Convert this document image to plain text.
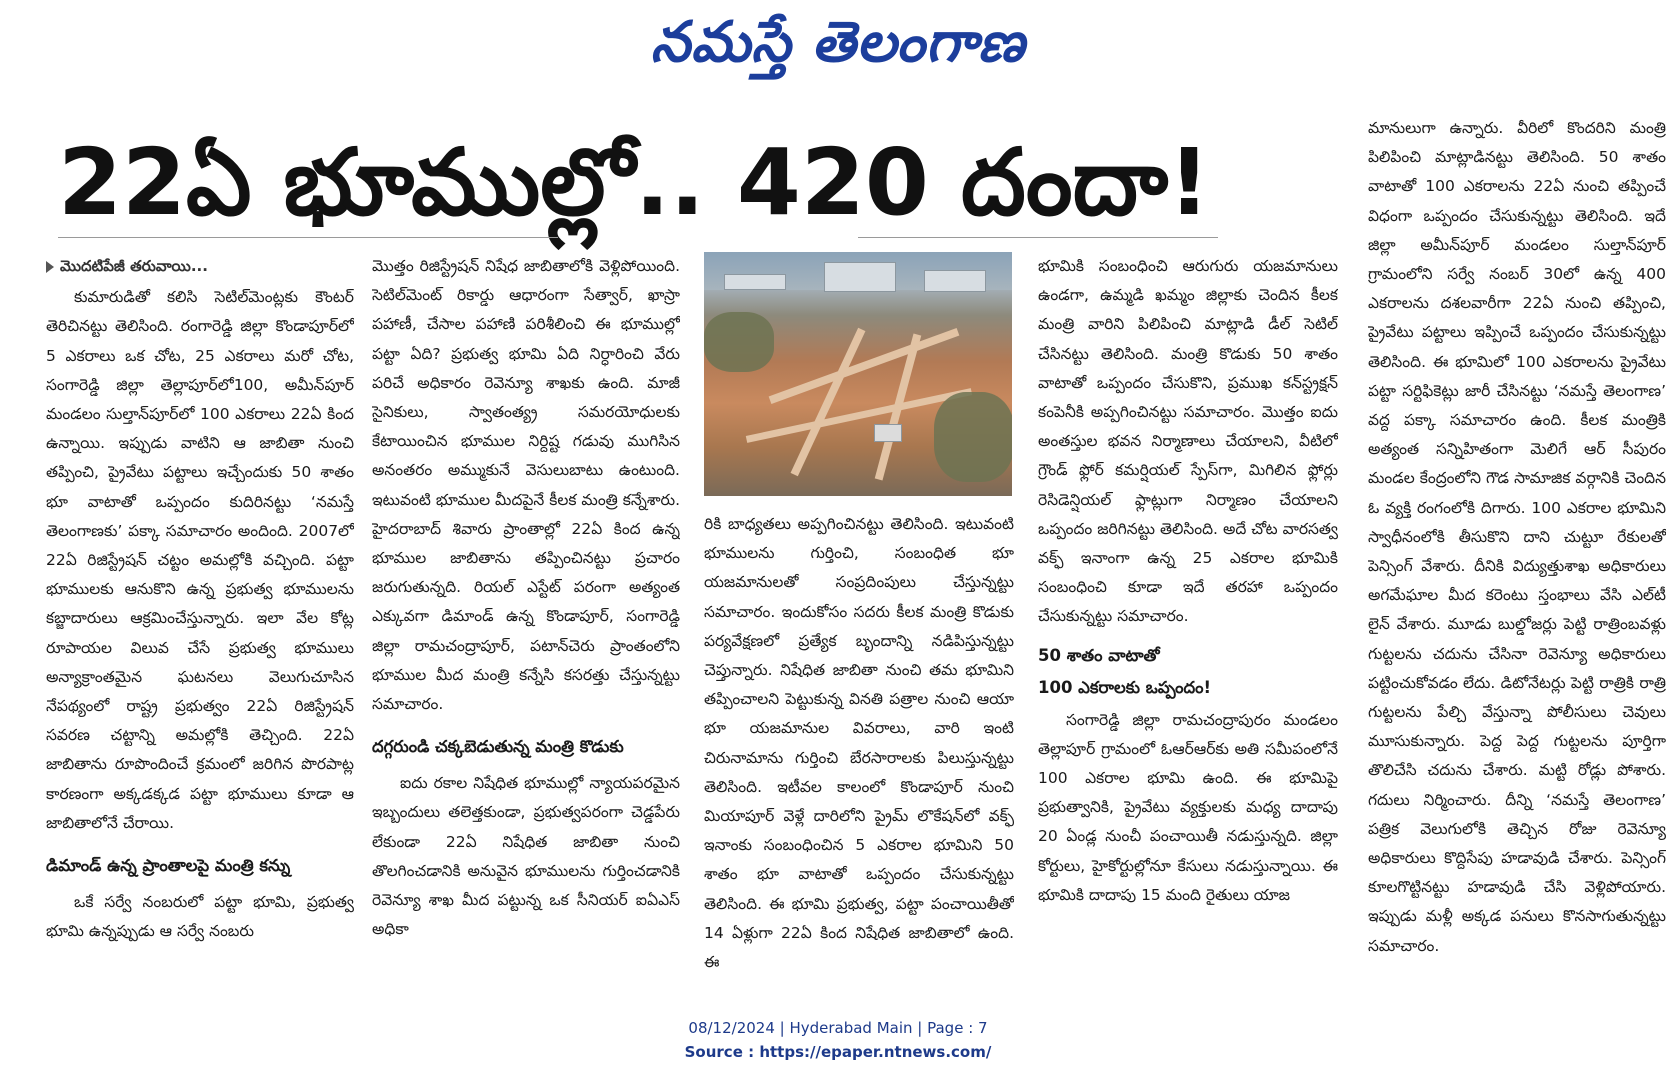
నమస్తే తెలంగాణ
22ఏ భూముల్లో.. 420 దందా!
మొదటిపేజీ తరువాయి...

కుమారుడితో కలిసి సెటిల్‌మెంట్లకు కౌంటర్ తెరిచినట్టు తెలిసింది. రంగారెడ్డి జిల్లా కొండాపూర్‌లో 5 ఎకరాలు ఒక చోట, 25 ఎకరాలు మరో చోట, సంగారెడ్డి జిల్లా తెల్లాపూర్‌లో100, అమీన్‌పూర్ మండలం సుల్తాన్‌పూర్‌లో 100 ఎకరాలు 22ఏ కింద ఉన్నాయి. ఇప్పుడు వాటిని ఆ జాబితా నుంచి తప్పించి, ప్రైవేటు పట్టాలు ఇచ్చేందుకు 50 శాతం భూ వాటాతో ఒప్పందం కుదిరినట్టు ‘నమస్తే తెలంగాణకు’ పక్కా సమాచారం అందింది. 2007లో 22ఏ రిజిస్ట్రేషన్ చట్టం అమల్లోకి వచ్చింది. పట్టా భూములకు ఆనుకొని ఉన్న ప్రభుత్వ భూములను కబ్జాదారులు ఆక్రమించేస్తున్నారు. ఇలా వేల కోట్ల రూపాయల విలువ చేసే ప్రభుత్వ భూములు అన్యాక్రాంతమైన ఘటనలు వెలుగుచూసిన నేపథ్యంలో రాష్ట్ర ప్రభుత్వం 22ఏ రిజిస్ట్రేషన్ సవరణ చట్టాన్ని అమల్లోకి తెచ్చింది. 22ఏ జాబితాను రూపొందించే క్రమంలో జరిగిన పొరపాట్ల కారణంగా అక్కడక్కడ పట్టా భూములు కూడా ఆ జాబితాలోనే చేరాయి.

డిమాండ్ ఉన్న ప్రాంతాలపై మంత్రి కన్ను

ఒకే సర్వే నంబరులో పట్టా భూమి, ప్రభుత్వ భూమి ఉన్నప్పుడు ఆ సర్వే నంబరు

మొత్తం రిజిస్ట్రేషన్ నిషేధ జాబితాలోకి వెళ్లిపోయింది. సెటిల్‌మెంట్ రికార్డు ఆధారంగా సేత్వార్, ఖాస్రా పహాణీ, చేసాల పహాణి పరిశీలించి ఈ భూముల్లో పట్టా ఏది? ప్రభుత్వ భూమి ఏది నిర్ధారించి వేరు పరిచే అధికారం రెవెన్యూ శాఖకు ఉంది. మాజీ సైనికులు, స్వాతంత్య్ర సమరయోధులకు కేటాయించిన భూముల నిర్దిష్ట గడువు ముగిసిన అనంతరం అమ్ముకునే వెసులుబాటు ఉంటుంది. ఇటువంటి భూముల మీదపైనే కీలక మంత్రి కన్నేశారు. హైదరాబాద్ శివారు ప్రాంతాల్లో 22ఏ కింద ఉన్న భూముల జాబితాను తప్పించినట్టు ప్రచారం జరుగుతున్నది. రియల్ ఎస్టేట్ పరంగా అత్యంత ఎక్కువగా డిమాండ్ ఉన్న కొండాపూర్, సంగారెడ్డి జిల్లా రామచంద్రాపూర్, పటాన్‌చెరు ప్రాంతంలోని భూముల మీద మంత్రి కన్నేసి కసరత్తు చేస్తున్నట్టు సమాచారం.

దగ్గరుండి చక్కబెడుతున్న మంత్రి కొడుకు

ఐదు రకాల నిషేధిత భూముల్లో న్యాయపరమైన ఇబ్బందులు తలెత్తకుండా, ప్రభుత్వపరంగా చెడ్డపేరు లేకుండా 22ఏ నిషేధిత జాబితా నుంచి తొలగించడానికి అనువైన భూములను గుర్తించడానికి రెవెన్యూ శాఖ మీద పట్టున్న ఒక సీనియర్ ఐఏఎస్ అధికా

రికి బాధ్యతలు అప్పగించినట్టు తెలిసింది. ఇటువంటి భూములను గుర్తించి, సంబంధిత భూ యజమానులతో సంప్రదింపులు చేస్తున్నట్టు సమాచారం. ఇందుకోసం సదరు కీలక మంత్రి కొడుకు పర్యవేక్షణలో ప్రత్యేక బృందాన్ని నడిపిస్తున్నట్టు చెప్తున్నారు. నిషేధిత జాబితా నుంచి తమ భూమిని తప్పించాలని పెట్టుకున్న వినతి పత్రాల నుంచి ఆయా భూ యజమానుల వివరాలు, వారి ఇంటి చిరునామాను గుర్తించి బేరసారాలకు పిలుస్తున్నట్టు తెలిసింది. ఇటీవల కాలంలో కొండాపూర్ నుంచి మియాపూర్ వెళ్లే దారిలోని ప్రైమ్ లొకేషన్‌లో వక్ఫ్ ఇనాంకు సంబంధించిన 5 ఎకరాల భూమిని 50 శాతం భూ వాటాతో ఒప్పందం చేసుకున్నట్టు తెలిసింది. ఈ భూమి ప్రభుత్వ, పట్టా పంచాయితీతో 14 ఏళ్లుగా 22ఏ కింద నిషేధిత జాబితాలో ఉంది. ఈ

భూమికి సంబంధించి ఆరుగురు యజమానులు ఉండగా, ఉమ్మడి ఖమ్మం జిల్లాకు చెందిన కీలక మంత్రి వారిని పిలిపించి మాట్లాడి డీల్ సెటిల్ చేసినట్టు తెలిసింది. మంత్రి కొడుకు 50 శాతం వాటాతో ఒప్పందం చేసుకొని, ప్రముఖ కన్‌స్ట్రక్షన్ కంపెనీకి అప్పగించినట్టు సమాచారం. మొత్తం ఐదు అంతస్తుల భవన నిర్మాణాలు చేయాలని, వీటిలో గ్రౌండ్ ఫ్లోర్ కమర్షియల్ స్పేస్‌గా, మిగిలిన ఫ్లోర్లు రెసిడెన్షియల్ ఫ్లాట్లుగా నిర్మాణం చేయాలని ఒప్పందం జరిగినట్టు తెలిసింది. అదే చోట వారసత్వ వక్ఫ్ ఇనాంగా ఉన్న 25 ఎకరాల భూమికి సంబంధించి కూడా ఇదే తరహా ఒప్పందం చేసుకున్నట్టు సమాచారం.

50 శాతం వాటాతో
100 ఎకరాలకు ఒప్పందం!

సంగారెడ్డి జిల్లా రామచంద్రాపురం మండలం తెల్లాపూర్ గ్రామంలో ఓఆర్‌ఆర్‌కు అతి సమీపంలోనే 100 ఎకరాల భూమి ఉంది. ఈ భూమిపై ప్రభుత్వానికి, ప్రైవేటు వ్యక్తులకు మధ్య దాదాపు 20 ఏండ్ల నుంచీ పంచాయితీ నడుస్తున్నది. జిల్లా కోర్టులు, హైకోర్టుల్లోనూ కేసులు నడుస్తున్నాయి. ఈ భూమికి దాదాపు 15 మంది రైతులు యాజ

మానులుగా ఉన్నారు. వీరిలో కొందరిని మంత్రి పిలిపించి మాట్లాడినట్టు తెలిసింది. 50 శాతం వాటాతో 100 ఎకరాలను 22ఏ నుంచి తప్పించే విధంగా ఒప్పందం చేసుకున్నట్టు తెలిసింది. ఇదే జిల్లా అమీన్‌పూర్ మండలం సుల్తాన్‌పూర్ గ్రామంలోని సర్వే నంబర్ 30లో ఉన్న 400 ఎకరాలను దశలవారీగా 22ఏ నుంచి తప్పించి, ప్రైవేటు పట్టాలు ఇప్పించే ఒప్పందం చేసుకున్నట్టు తెలిసింది. ఈ భూమిలో 100 ఎకరాలను ప్రైవేటు పట్టా సర్టిఫికెట్లు జారీ చేసినట్టు ‘నమస్తే తెలంగాణ’ వద్ద పక్కా సమాచారం ఉంది. కీలక మంత్రికి అత్యంత సన్నిహితంగా మెలిగే ఆర్ సీపురం మండల కేంద్రంలోని గౌడ సామాజిక వర్గానికి చెందిన ఓ వ్యక్తి రంగంలోకి దిగారు. 100 ఎకరాల భూమిని స్వాధీనంలోకి తీసుకొని దాని చుట్టూ రేకులతో పెన్సింగ్ వేశారు. దీనికి విద్యుత్తుశాఖ అధికారులు అగమేఘాల మీద కరెంటు స్తంభాలు వేసి ఎల్‌టీ లైన్ వేశారు. మూడు బుల్డోజర్లు పెట్టి రాత్రింబవళ్లు గుట్టలను చదును చేసినా రెవెన్యూ అధికారులు పట్టించుకోవడం లేదు. డిటోనేటర్లు పెట్టి రాత్రికి రాత్రి గుట్టలను పేల్చి వేస్తున్నా పోలీసులు చెవులు మూసుకున్నారు. పెద్ద పెద్ద గుట్టలను పూర్తిగా తొలిచేసి చదును చేశారు. మట్టి రోడ్లు పోశారు. గదులు నిర్మించారు. దీన్ని ‘నమస్తే తెలంగాణ’ పత్రిక వెలుగులోకి తెచ్చిన రోజు రెవెన్యూ అధికారులు కొద్దిసేపు హడావుడి చేశారు. పెన్సింగ్ కూలగొట్టినట్టు హడావుడి చేసి వెళ్లిపోయారు. ఇప్పుడు మళ్లీ అక్కడ పనులు కొనసాగుతున్నట్టు సమాచారం.

08/12/2024 | Hyderabad Main | Page : 7
Source : https://epaper.ntnews.com/
